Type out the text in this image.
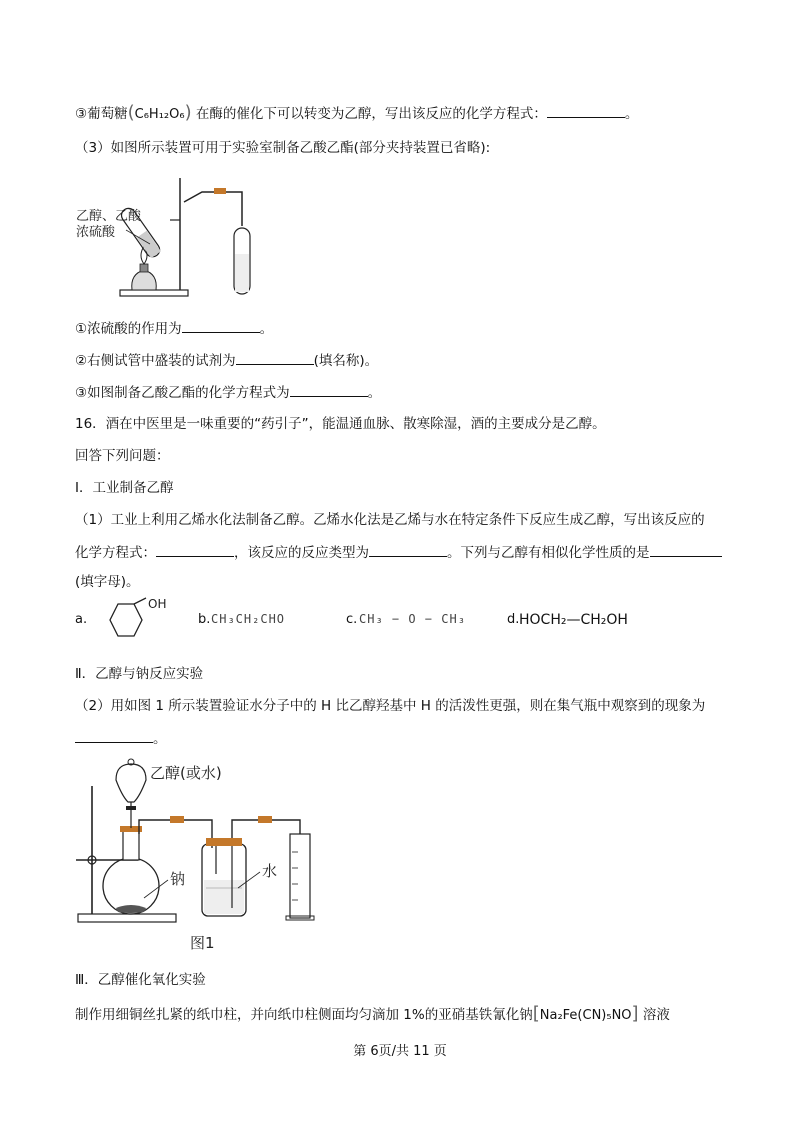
③葡萄糖(C₆H₁₂O₆) 在酶的催化下可以转变为乙醇，写出该反应的化学方程式：	。
（3）如图所示装置可用于实验室制备乙酸乙酯(部分夹持装置已省略):
乙醇、乙酸
浓硫酸
①浓硫酸的作用为	。
②右侧试管中盛装的试剂为	(填名称)。
③如图制备乙酸乙酯的化学方程式为	。
16．酒在中医里是一味重要的“药引子”，能温通血脉、散寒除湿，酒的主要成分是乙醇。
回答下列问题：
Ⅰ．工业制备乙醇
（1）工业上利用乙烯水化法制备乙醇。乙烯水化法是乙烯与水在特定条件下反应生成乙醇，写出该反应的
化学方程式：	，该反应的反应类型为	。下列与乙醇有相似化学性质的是
(填字母)。
a.
OH
b. CH₃CH₂CHO	c. CH₃ − O − CH₃	d. HOCH₂—CH₂OH
Ⅱ．乙醇与钠反应实验
（2）用如图 1 所示装置验证水分子中的 H 比乙醇羟基中 H 的活泼性更强，则在集气瓶中观察到的现象为
。
乙醇(或水)
钠	水
图1
Ⅲ．乙醇催化氧化实验
制作用细铜丝扎紧的纸巾柱，并向纸巾柱侧面均匀滴加 1%的亚硝基铁氰化钠[Na₂Fe(CN)₅NO] 溶液
第 6页/共 11 页
